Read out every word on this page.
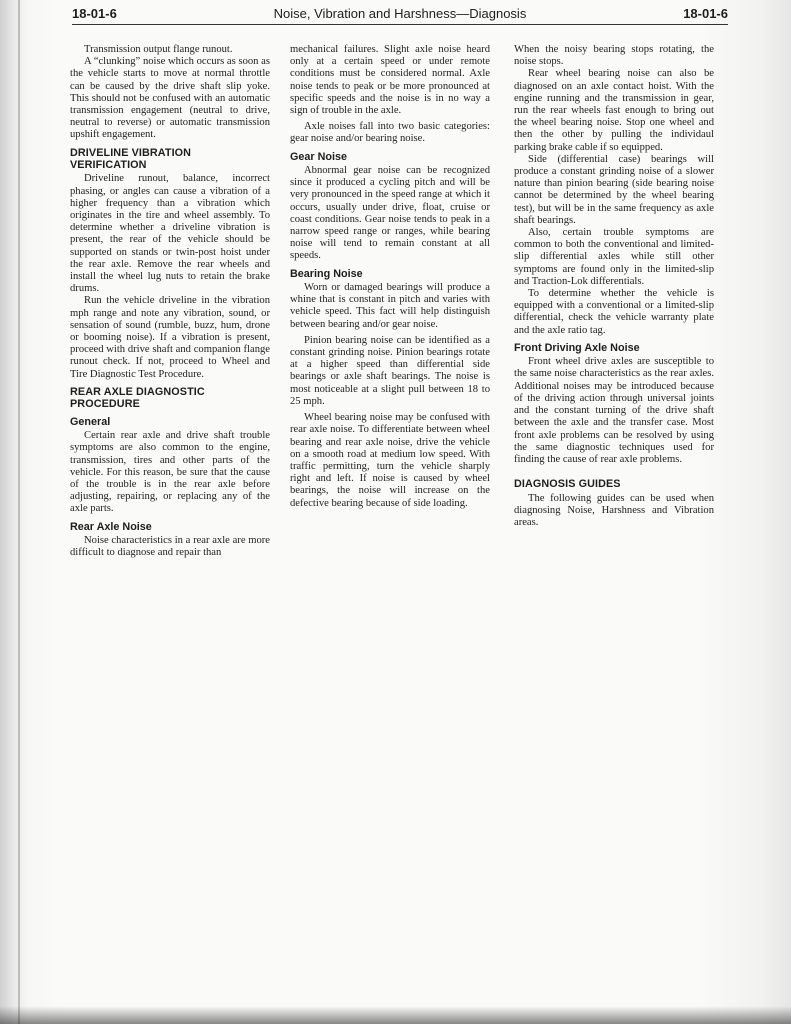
18-01-6	Noise, Vibration and Harshness—Diagnosis	18-01-6

Transmission output flange runout.

A “clunking” noise which occurs as soon as the vehicle starts to move at normal throttle can be caused by the drive shaft slip yoke. This should not be confused with an automatic transmission engagement (neutral to drive, neutral to reverse) or automatic transmission upshift engagement.

DRIVELINE VIBRATION
VERIFICATION

Driveline runout, balance, incorrect phasing, or angles can cause a vibration of a higher frequency than a vibration which originates in the tire and wheel assembly. To determine whether a driveline vibration is present, the rear of the vehicle should be supported on stands or twin-post hoist under the rear axle. Remove the rear wheels and install the wheel lug nuts to retain the brake drums.

Run the vehicle driveline in the vibration mph range and note any vibration, sound, or sensation of sound (rumble, buzz, hum, drone or booming noise). If a vibration is present, proceed with drive shaft and companion flange runout check. If not, proceed to Wheel and Tire Diagnostic Test Procedure.

REAR AXLE DIAGNOSTIC
PROCEDURE
General

Certain rear axle and drive shaft trouble symptoms are also common to the engine, transmission, tires and other parts of the vehicle. For this reason, be sure that the cause of the trouble is in the rear axle before adjusting, repairing, or replacing any of the axle parts.

Rear Axle Noise

Noise characteristics in a rear axle are more difficult to diagnose and repair than

mechanical failures. Slight axle noise heard only at a certain speed or under remote conditions must be considered normal. Axle noise tends to peak or be more pronounced at specific speeds and the noise is in no way a sign of trouble in the axle.

Axle noises fall into two basic categories: gear noise and/or bearing noise.

Gear Noise

Abnormal gear noise can be recognized since it produced a cycling pitch and will be very pronounced in the speed range at which it occurs, usually under drive, float, cruise or coast conditions. Gear noise tends to peak in a narrow speed range or ranges, while bearing noise will tend to remain constant at all speeds.

Bearing Noise

Worn or damaged bearings will produce a whine that is constant in pitch and varies with vehicle speed. This fact will help distinguish between bearing and/or gear noise.

Pinion bearing noise can be identified as a constant grinding noise. Pinion bearings rotate at a higher speed than differential side bearings or axle shaft bearings. The noise is most noticeable at a slight pull between 18 to 25 mph.

Wheel bearing noise may be confused with rear axle noise. To differentiate between wheel bearing and rear axle noise, drive the vehicle on a smooth road at medium low speed. With traffic permitting, turn the vehicle sharply right and left. If noise is caused by wheel bearings, the noise will increase on the defective bearing because of side loading.

When the noisy bearing stops rotating, the noise stops.

Rear wheel bearing noise can also be diagnosed on an axle contact hoist. With the engine running and the transmission in gear, run the rear wheels fast enough to bring out the wheel bearing noise. Stop one wheel and then the other by pulling the individaul parking brake cable if so equipped.

Side (differential case) bearings will produce a constant grinding noise of a slower nature than pinion bearing (side bearing noise cannot be determined by the wheel bearing test), but will be in the same frequency as axle shaft bearings.

Also, certain trouble symptoms are common to both the conventional and limited-slip differential axles while still other symptoms are found only in the limited-slip and Traction-Lok differentials.

To determine whether the vehicle is equipped with a conventional or a limited-slip differential, check the vehicle warranty plate and the axle ratio tag.

Front Driving Axle Noise

Front wheel drive axles are susceptible to the same noise characteristics as the rear axles. Additional noises may be introduced because of the driving action through universal joints and the constant turning of the drive shaft between the axle and the transfer case. Most front axle problems can be resolved by using the same diagnostic techniques used for finding the cause of rear axle problems.

DIAGNOSIS GUIDES

The following guides can be used when diagnosing Noise, Harshness and Vibration areas.
